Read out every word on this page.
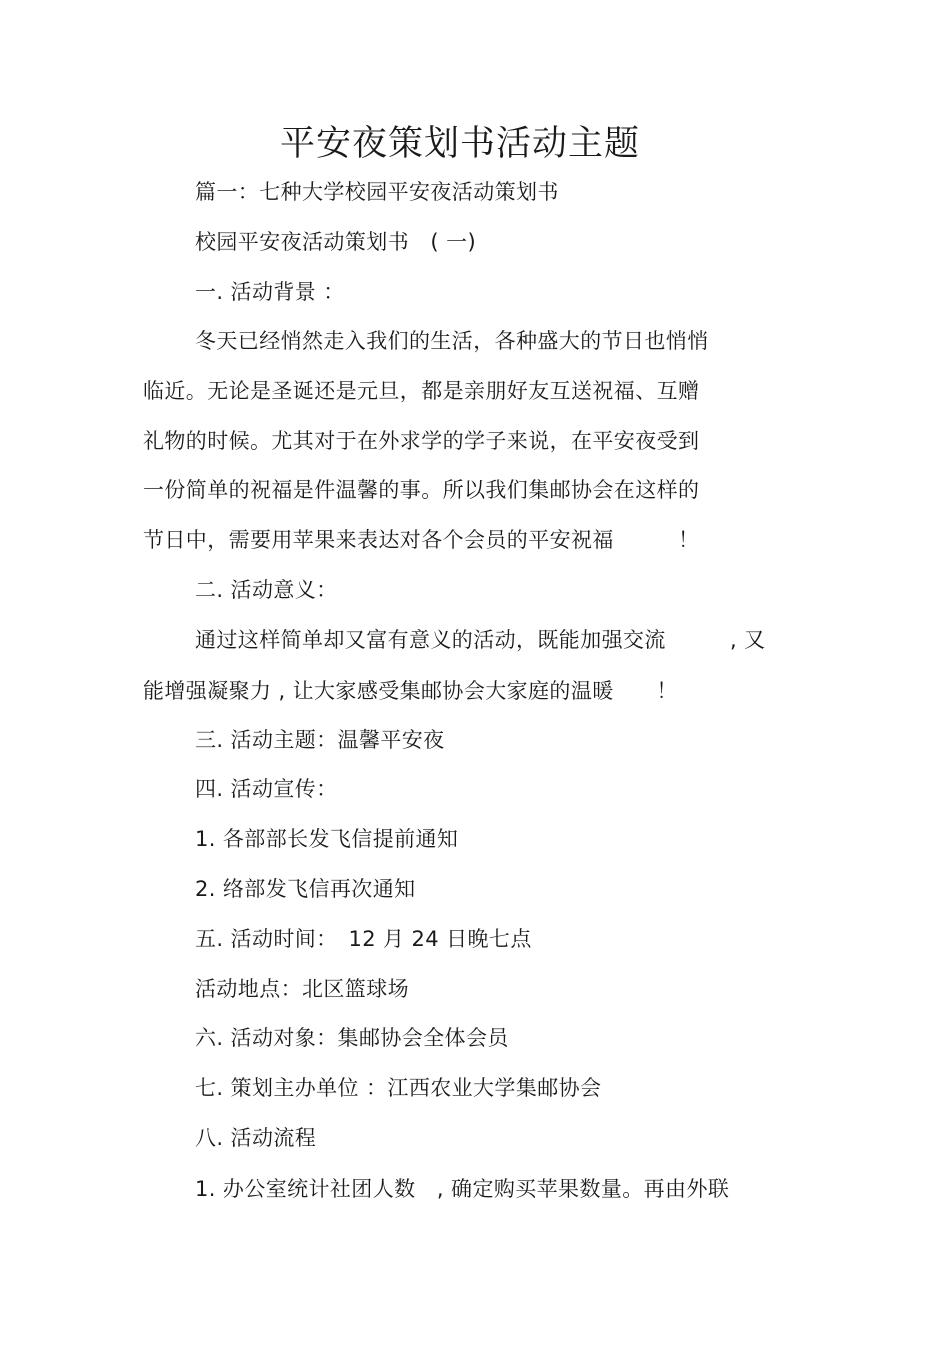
平安夜策划书活动主题
篇一：七种大学校园平安夜活动策划书
校园平安夜活动策划书　( 一)
一. 活动背景 ：
冬天已经悄然走入我们的生活，各种盛大的节日也悄悄
临近。无论是圣诞还是元旦，都是亲朋好友互送祝福、互赠
礼物的时候。尤其对于在外求学的学子来说，在平安夜受到
一份简单的祝福是件温馨的事。所以我们集邮协会在这样的
节日中，需要用苹果来表达对各个会员的平安祝福　　　！
二. 活动意义：
通过这样简单却又富有意义的活动，既能加强交流　　　, 又
能增强凝聚力 , 让大家感受集邮协会大家庭的温暖　　！
三. 活动主题：温馨平安夜
四. 活动宣传：
1. 各部部长发飞信提前通知
2. 络部发飞信再次通知
五. 活动时间：　12 月 24 日晚七点
活动地点：北区篮球场
六. 活动对象：集邮协会全体会员
七. 策划主办单位 ：江西农业大学集邮协会
八. 活动流程
1. 办公室统计社团人数　, 确定购买苹果数量。再由外联
